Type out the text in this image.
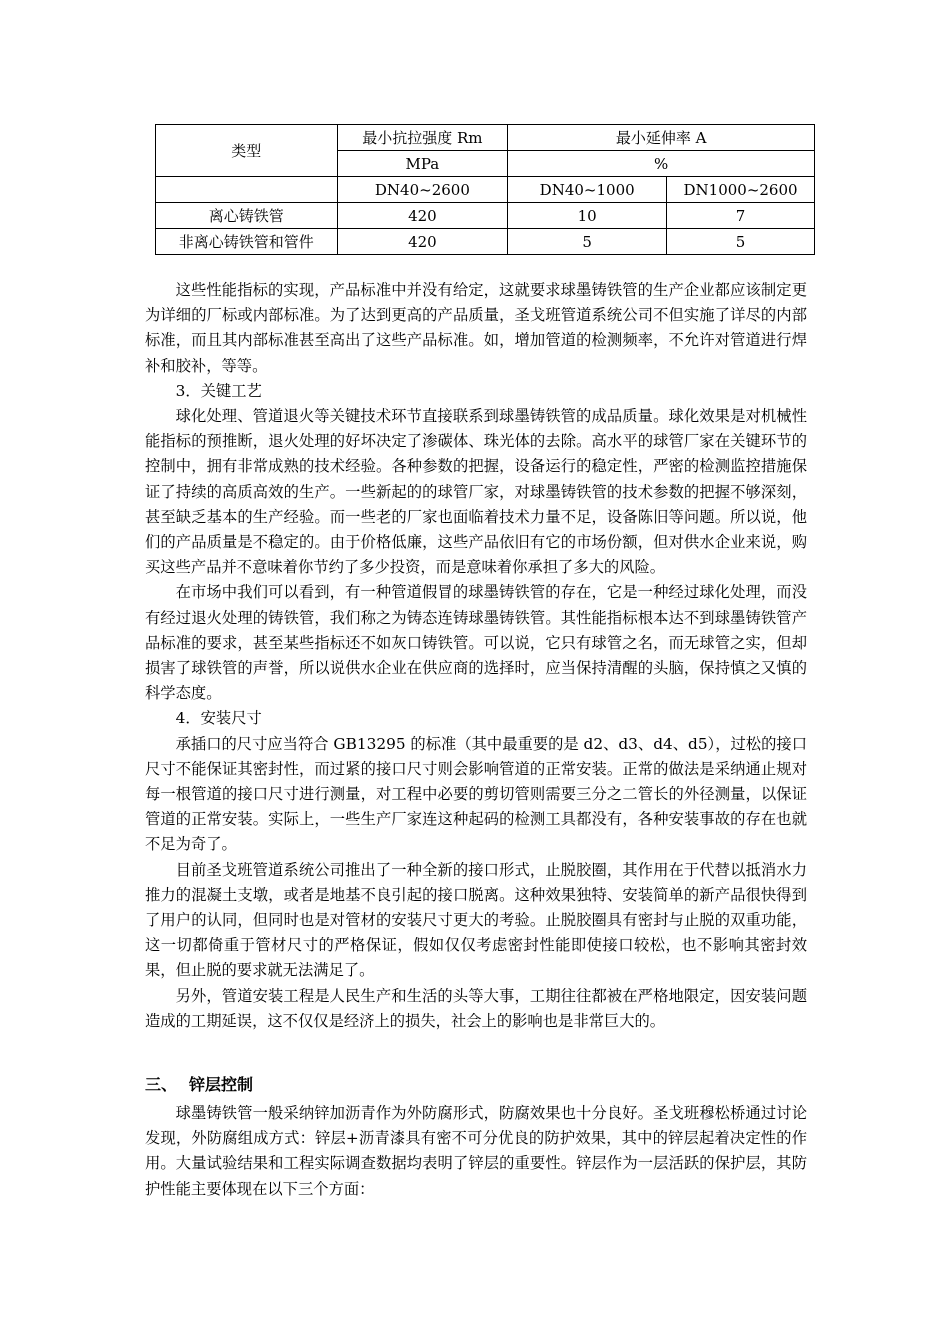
类型	最小抗拉强度 Rm	最小延伸率 A	
	MPa	%	
	DN40~2600	DN40~1000	DN1000~2600
离心铸铁管	420	10	7
非离心铸铁管和管件	420	5	5

这些性能指标的实现，产品标准中并没有给定，这就要求球墨铸铁管的生产企业都应该制定更为详细的厂标或内部标准。为了达到更高的产品质量，圣戈班管道系统公司不但实施了详尽的内部标准，而且其内部标准甚至高出了这些产品标准。如，增加管道的检测频率，不允许对管道进行焊补和胶补，等等。

3．关键工艺

球化处理、管道退火等关键技术环节直接联系到球墨铸铁管的成品质量。球化效果是对机械性能指标的预推断，退火处理的好坏决定了渗碳体、珠光体的去除。高水平的球管厂家在关键环节的控制中，拥有非常成熟的技术经验。各种参数的把握，设备运行的稳定性，严密的检测监控措施保证了持续的高质高效的生产。一些新起的的球管厂家，对球墨铸铁管的技术参数的把握不够深刻，甚至缺乏基本的生产经验。而一些老的厂家也面临着技术力量不足，设备陈旧等问题。所以说，他们的产品质量是不稳定的。由于价格低廉，这些产品依旧有它的市场份额，但对供水企业来说，购买这些产品并不意味着你节约了多少投资，而是意味着你承担了多大的风险。

在市场中我们可以看到，有一种管道假冒的球墨铸铁管的存在，它是一种经过球化处理，而没有经过退火处理的铸铁管，我们称之为铸态连铸球墨铸铁管。其性能指标根本达不到球墨铸铁管产品标准的要求，甚至某些指标还不如灰口铸铁管。可以说，它只有球管之名，而无球管之实，但却损害了球铁管的声誉，所以说供水企业在供应商的选择时，应当保持清醒的头脑，保持慎之又慎的科学态度。

4．安装尺寸

承插口的尺寸应当符合 GB13295 的标准（其中最重要的是 d2、d3、d4、d5），过松的接口尺寸不能保证其密封性，而过紧的接口尺寸则会影响管道的正常安装。正常的做法是采纳通止规对每一根管道的接口尺寸进行测量，对工程中必要的剪切管则需要三分之二管长的外径测量，以保证管道的正常安装。实际上，一些生产厂家连这种起码的检测工具都没有，各种安装事故的存在也就不足为奇了。

目前圣戈班管道系统公司推出了一种全新的接口形式，止脱胶圈，其作用在于代替以抵消水力推力的混凝土支墩，或者是地基不良引起的接口脱离。这种效果独特、安装简单的新产品很快得到了用户的认同，但同时也是对管材的安装尺寸更大的考验。止脱胶圈具有密封与止脱的双重功能，这一切都倚重于管材尺寸的严格保证，假如仅仅考虑密封性能即使接口较松，也不影响其密封效果，但止脱的要求就无法满足了。

另外，管道安装工程是人民生产和生活的头等大事，工期往往都被在严格地限定，因安装问题造成的工期延误，这不仅仅是经济上的损失，社会上的影响也是非常巨大的。

三、 锌层控制

球墨铸铁管一般采纳锌加沥青作为外防腐形式，防腐效果也十分良好。圣戈班穆松桥通过讨论发现，外防腐组成方式：锌层+沥青漆具有密不可分优良的防护效果，其中的锌层起着决定性的作用。大量试验结果和工程实际调查数据均表明了锌层的重要性。锌层作为一层活跃的保护层，其防护性能主要体现在以下三个方面：
